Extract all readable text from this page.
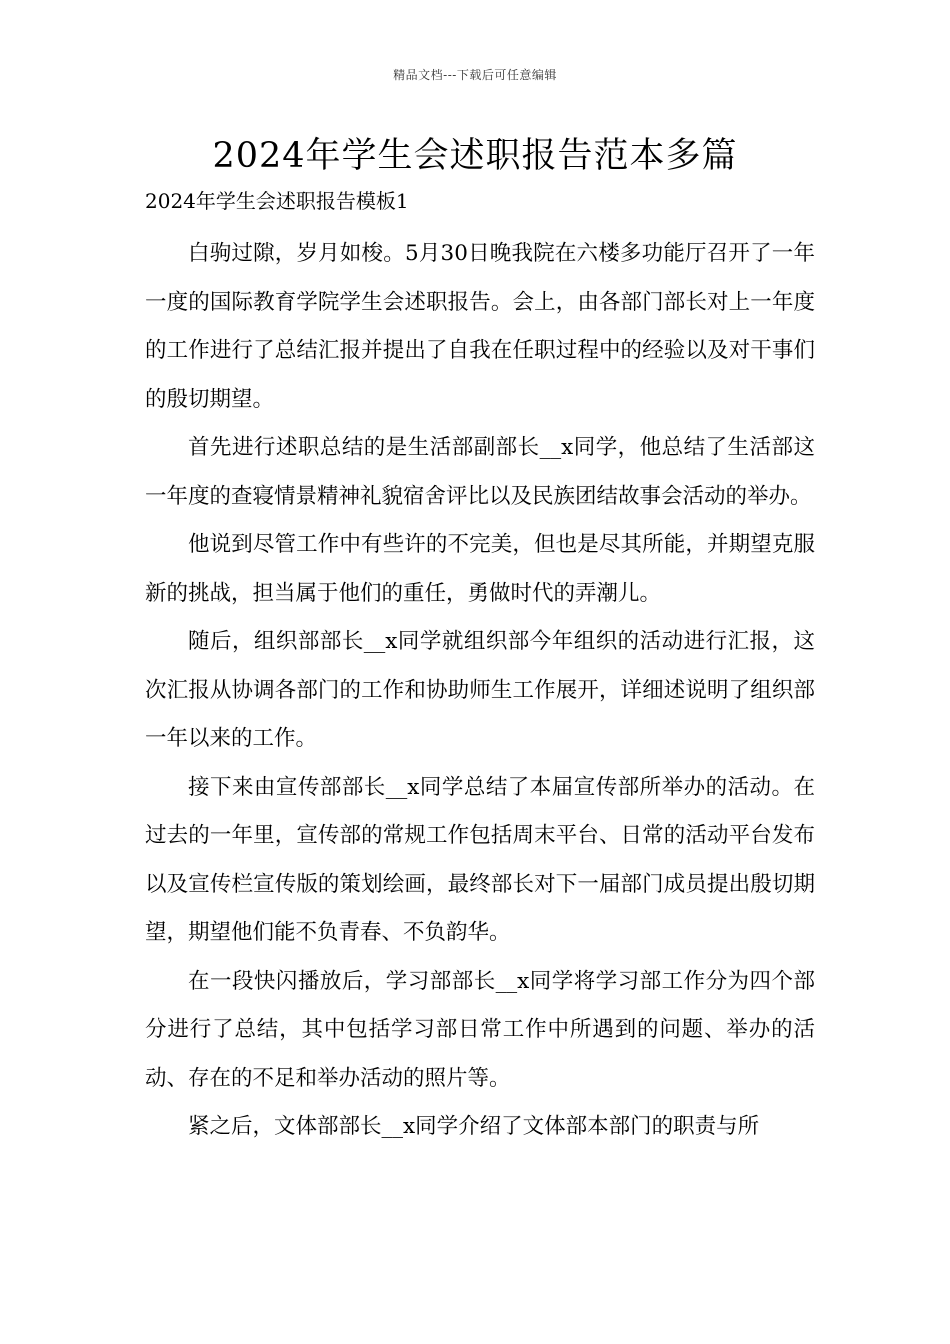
精品文档---下载后可任意编辑
2024年学生会述职报告范本多篇
2024年学生会述职报告模板1

白驹过隙，岁月如梭。5月30日晚我院在六楼多功能厅召开了一年一度的国际教育学院学生会述职报告。会上，由各部门部长对上一年度的工作进行了总结汇报并提出了自我在任职过程中的经验以及对干事们的殷切期望。

首先进行述职总结的是生活部副部长__x同学，他总结了生活部这一年度的查寝情景精神礼貌宿舍评比以及民族团结故事会活动的举办。

他说到尽管工作中有些许的不完美，但也是尽其所能，并期望克服新的挑战，担当属于他们的重任，勇做时代的弄潮儿。

随后，组织部部长__x同学就组织部今年组织的活动进行汇报，这次汇报从协调各部门的工作和协助师生工作展开，详细述说明了组织部一年以来的工作。

接下来由宣传部部长__x同学总结了本届宣传部所举办的活动。在过去的一年里，宣传部的常规工作包括周末平台、日常的活动平台发布以及宣传栏宣传版的策划绘画，最终部长对下一届部门成员提出殷切期望，期望他们能不负青春、不负韵华。

在一段快闪播放后，学习部部长__x同学将学习部工作分为四个部分进行了总结，其中包括学习部日常工作中所遇到的问题、举办的活动、存在的不足和举办活动的照片等。

紧之后，文体部部长__x同学介绍了文体部本部门的职责与所
